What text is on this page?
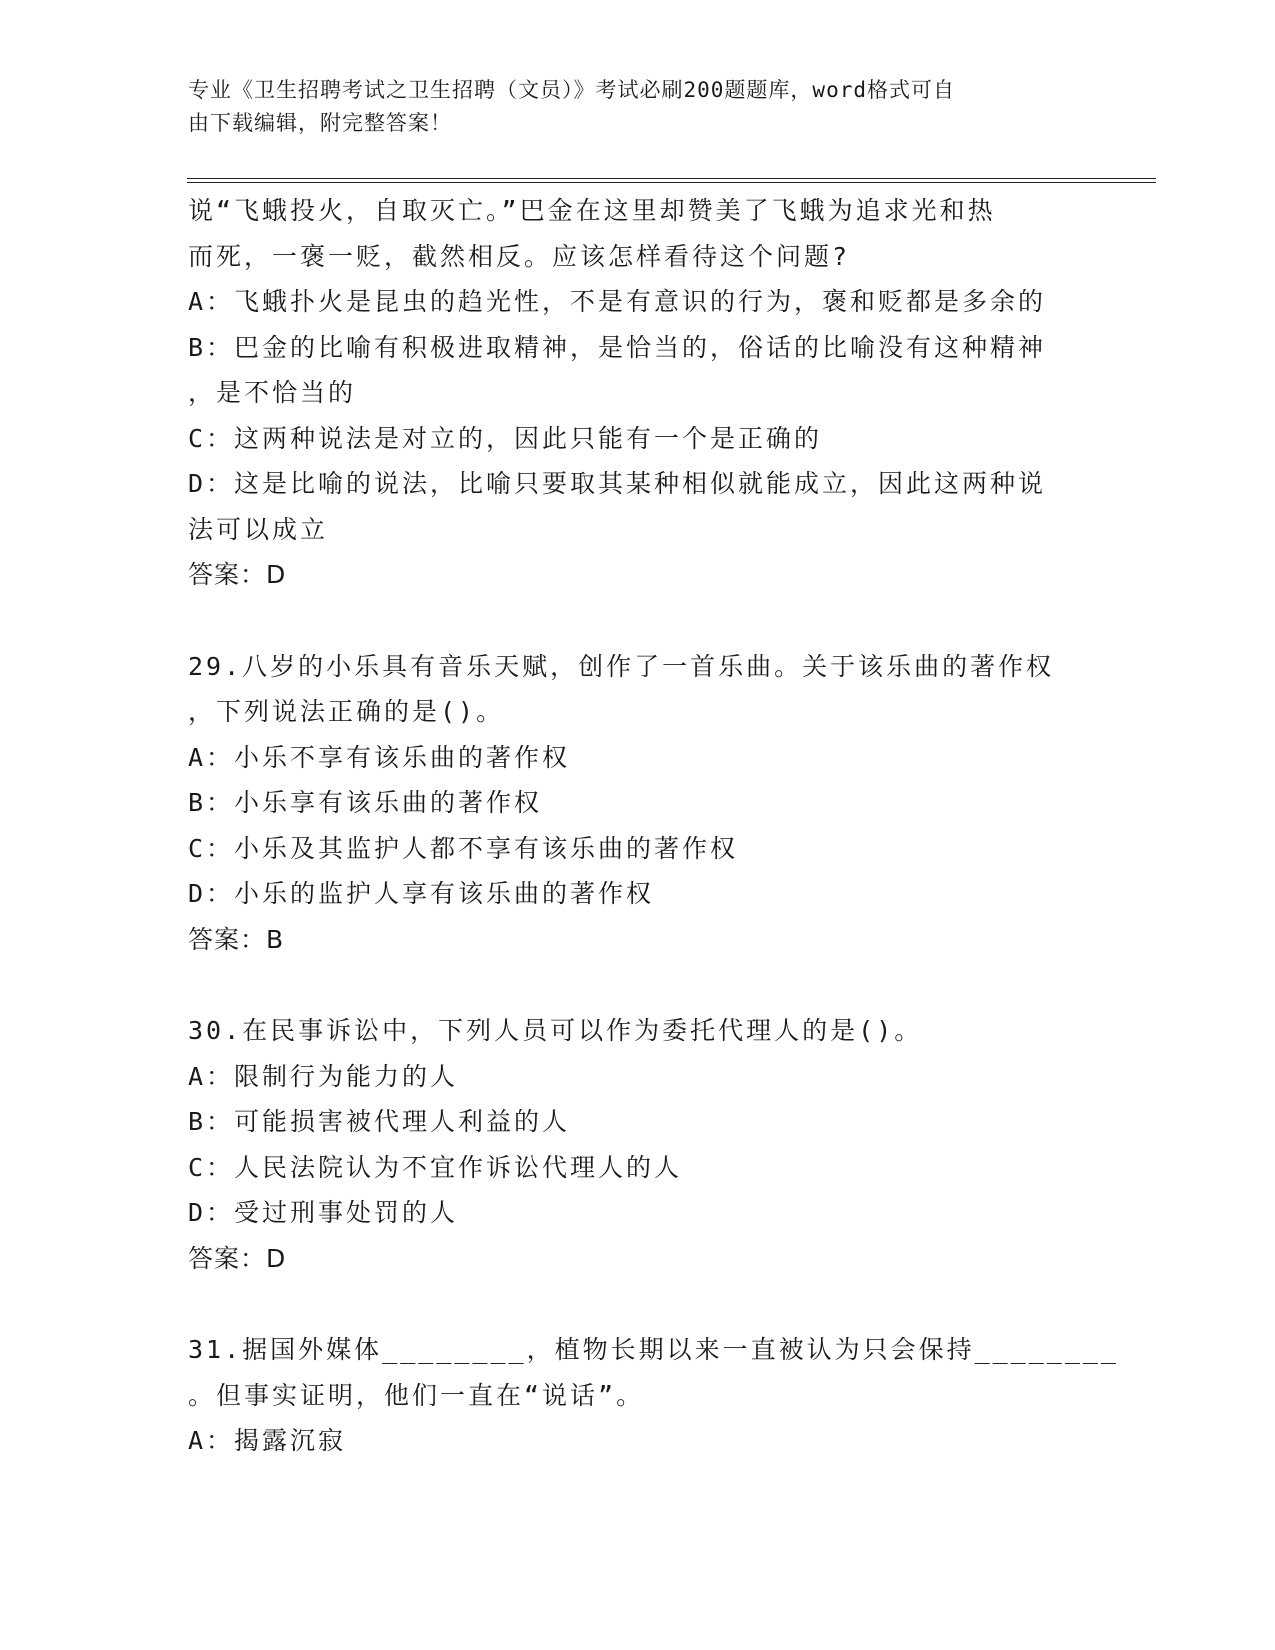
专业《卫生招聘考试之卫生招聘（文员）》考试必刷200题题库，word格式可自
由下载编辑，附完整答案！
说“飞蛾投火，自取灭亡。”巴金在这里却赞美了飞蛾为追求光和热
而死，一褒一贬，截然相反。应该怎样看待这个问题?
A：飞蛾扑火是昆虫的趋光性，不是有意识的行为，褒和贬都是多余的
B：巴金的比喻有积极进取精神，是恰当的，俗话的比喻没有这种精神
，是不恰当的
C：这两种说法是对立的，因此只能有一个是正确的
D：这是比喻的说法，比喻只要取其某种相似就能成立，因此这两种说
法可以成立
答案：D
29.八岁的小乐具有音乐天赋，创作了一首乐曲。关于该乐曲的著作权
，下列说法正确的是()。
A：小乐不享有该乐曲的著作权
B：小乐享有该乐曲的著作权
C：小乐及其监护人都不享有该乐曲的著作权
D：小乐的监护人享有该乐曲的著作权
答案：B
30.在民事诉讼中，下列人员可以作为委托代理人的是()。
A：限制行为能力的人
B：可能损害被代理人利益的人
C：人民法院认为不宜作诉讼代理人的人
D：受过刑事处罚的人
答案：D
31.据国外媒体________，植物长期以来一直被认为只会保持________
。但事实证明，他们一直在“说话”。
A：揭露沉寂
